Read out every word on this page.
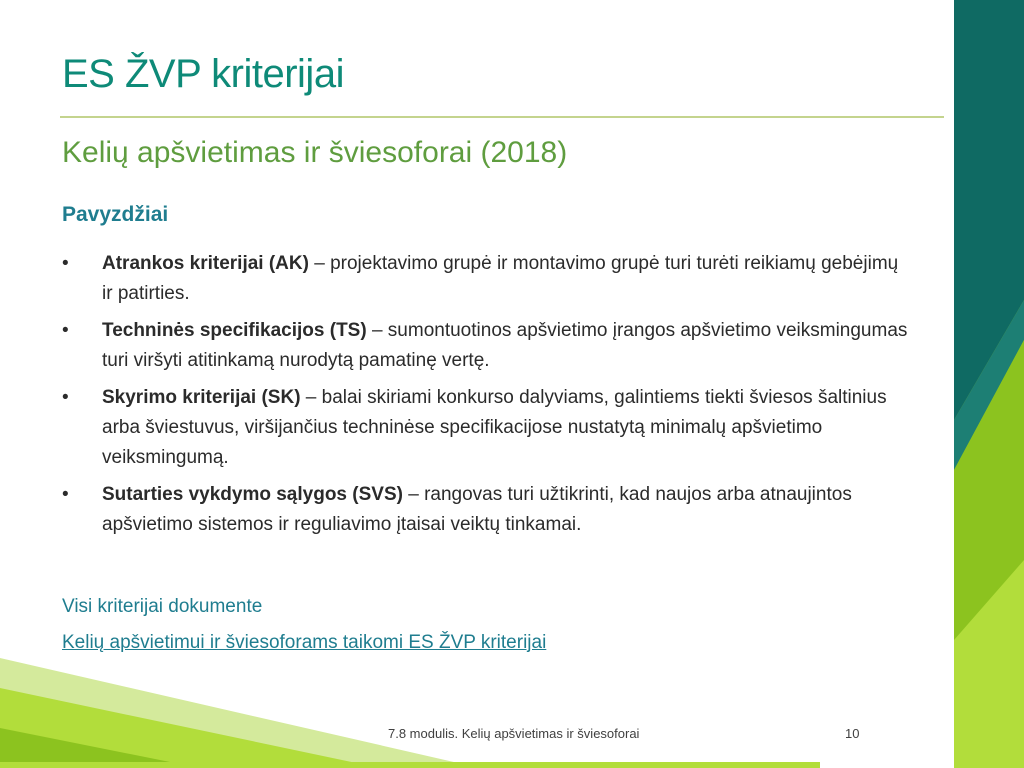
ES ŽVP kriterijai
Kelių apšvietimas ir šviesoforai (2018)
Pavyzdžiai
•	Atrankos kriterijai (AK) – projektavimo grupė ir montavimo grupė turi turėti reikiamų gebėjimų ir patirties.
•	Techninės specifikacijos (TS) – sumontuotinos apšvietimo įrangos apšvietimo veiksmingumas turi viršyti atitinkamą nurodytą pamatinę vertę.
•	Skyrimo kriterijai (SK) – balai skiriami konkurso dalyviams, galintiems tiekti šviesos šaltinius arba šviestuvus, viršijančius techninėse specifikacijose nustatytą minimalų apšvietimo veiksmingumą.
•	Sutarties vykdymo sąlygos (SVS) – rangovas turi užtikrinti, kad naujos arba atnaujintos apšvietimo sistemos ir reguliavimo įtaisai veiktų tinkamai.
Visi kriterijai dokumente
Kelių apšvietimui ir šviesoforams taikomi ES ŽVP kriterijai
7.8 modulis. Kelių apšvietimas ir šviesoforai	10
